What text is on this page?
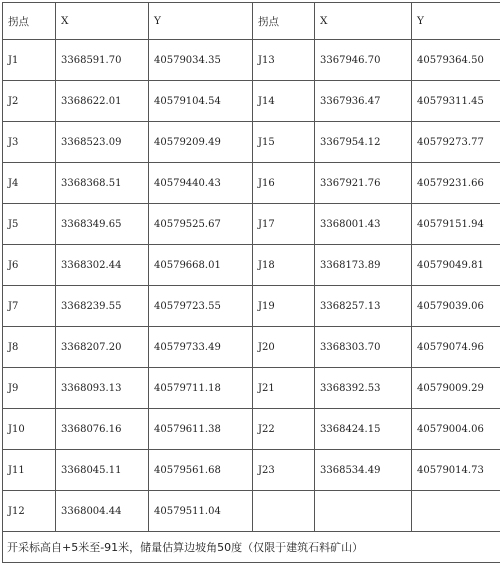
拐点	X	Y	拐点	X	Y
J1	3368591.70	40579034.35	J13	3367946.70	40579364.50
J2	3368622.01	40579104.54	J14	3367936.47	40579311.45
J3	3368523.09	40579209.49	J15	3367954.12	40579273.77
J4	3368368.51	40579440.43	J16	3367921.76	40579231.66
J5	3368349.65	40579525.67	J17	3368001.43	40579151.94
J6	3368302.44	40579668.01	J18	3368173.89	40579049.81
J7	3368239.55	40579723.55	J19	3368257.13	40579039.06
J8	3368207.20	40579733.49	J20	3368303.70	40579074.96
J9	3368093.13	40579711.18	J21	3368392.53	40579009.29
J10	3368076.16	40579611.38	J22	3368424.15	40579004.06
J11	3368045.11	40579561.68	J23	3368534.49	40579014.73
J12	3368004.44	40579511.04			
开采标高自+5米至-91米，储量估算边坡角50度（仅限于建筑石料矿山）					
